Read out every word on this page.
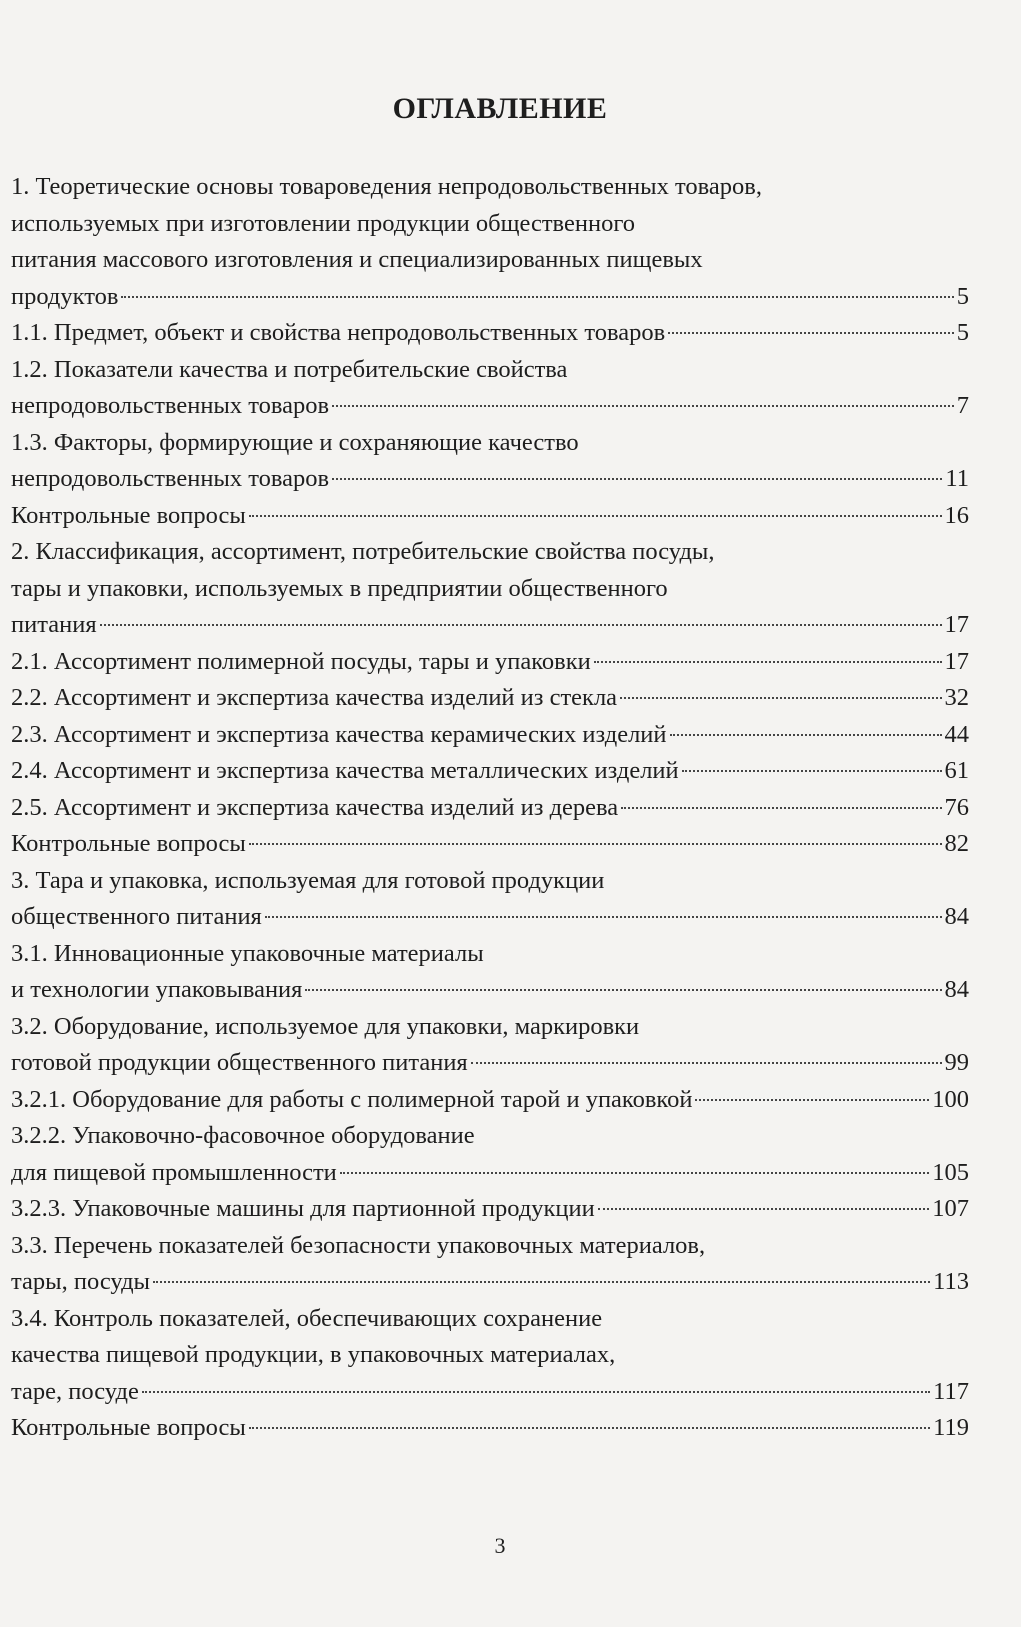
ОГЛАВЛЕНИЕ
1. Теоретические основы товароведения непродовольственных товаров,
используемых при изготовлении продукции общественного
питания массового изготовления и специализированных пищевых
продуктов	5
1.1. Предмет, объект и свойства непродовольственных товаров	5
1.2. Показатели качества и потребительские свойства
непродовольственных товаров	7
1.3. Факторы, формирующие и сохраняющие качество
непродовольственных товаров	11
Контрольные вопросы	16
2. Классификация, ассортимент, потребительские свойства посуды,
тары и упаковки, используемых в предприятии общественного
питания	17
2.1. Ассортимент полимерной посуды, тары и упаковки	17
2.2. Ассортимент и экспертиза качества изделий из стекла	32
2.3. Ассортимент и экспертиза качества керамических изделий	44
2.4. Ассортимент и экспертиза качества металлических изделий	61
2.5. Ассортимент и экспертиза качества изделий из дерева	76
Контрольные вопросы	82
3. Тара и упаковка, используемая для готовой продукции
общественного питания	84
3.1. Инновационные упаковочные материалы
и технологии упаковывания	84
3.2. Оборудование, используемое для упаковки, маркировки
готовой продукции общественного питания	99
3.2.1. Оборудование для работы с полимерной тарой и упаковкой	100
3.2.2. Упаковочно-фасовочное оборудование
для пищевой промышленности	105
3.2.3. Упаковочные машины для партионной продукции	107
3.3. Перечень показателей безопасности упаковочных материалов,
тары, посуды	113
3.4. Контроль показателей, обеспечивающих сохранение
качества пищевой продукции, в упаковочных материалах,
таре, посуде	117
Контрольные вопросы	119
3
